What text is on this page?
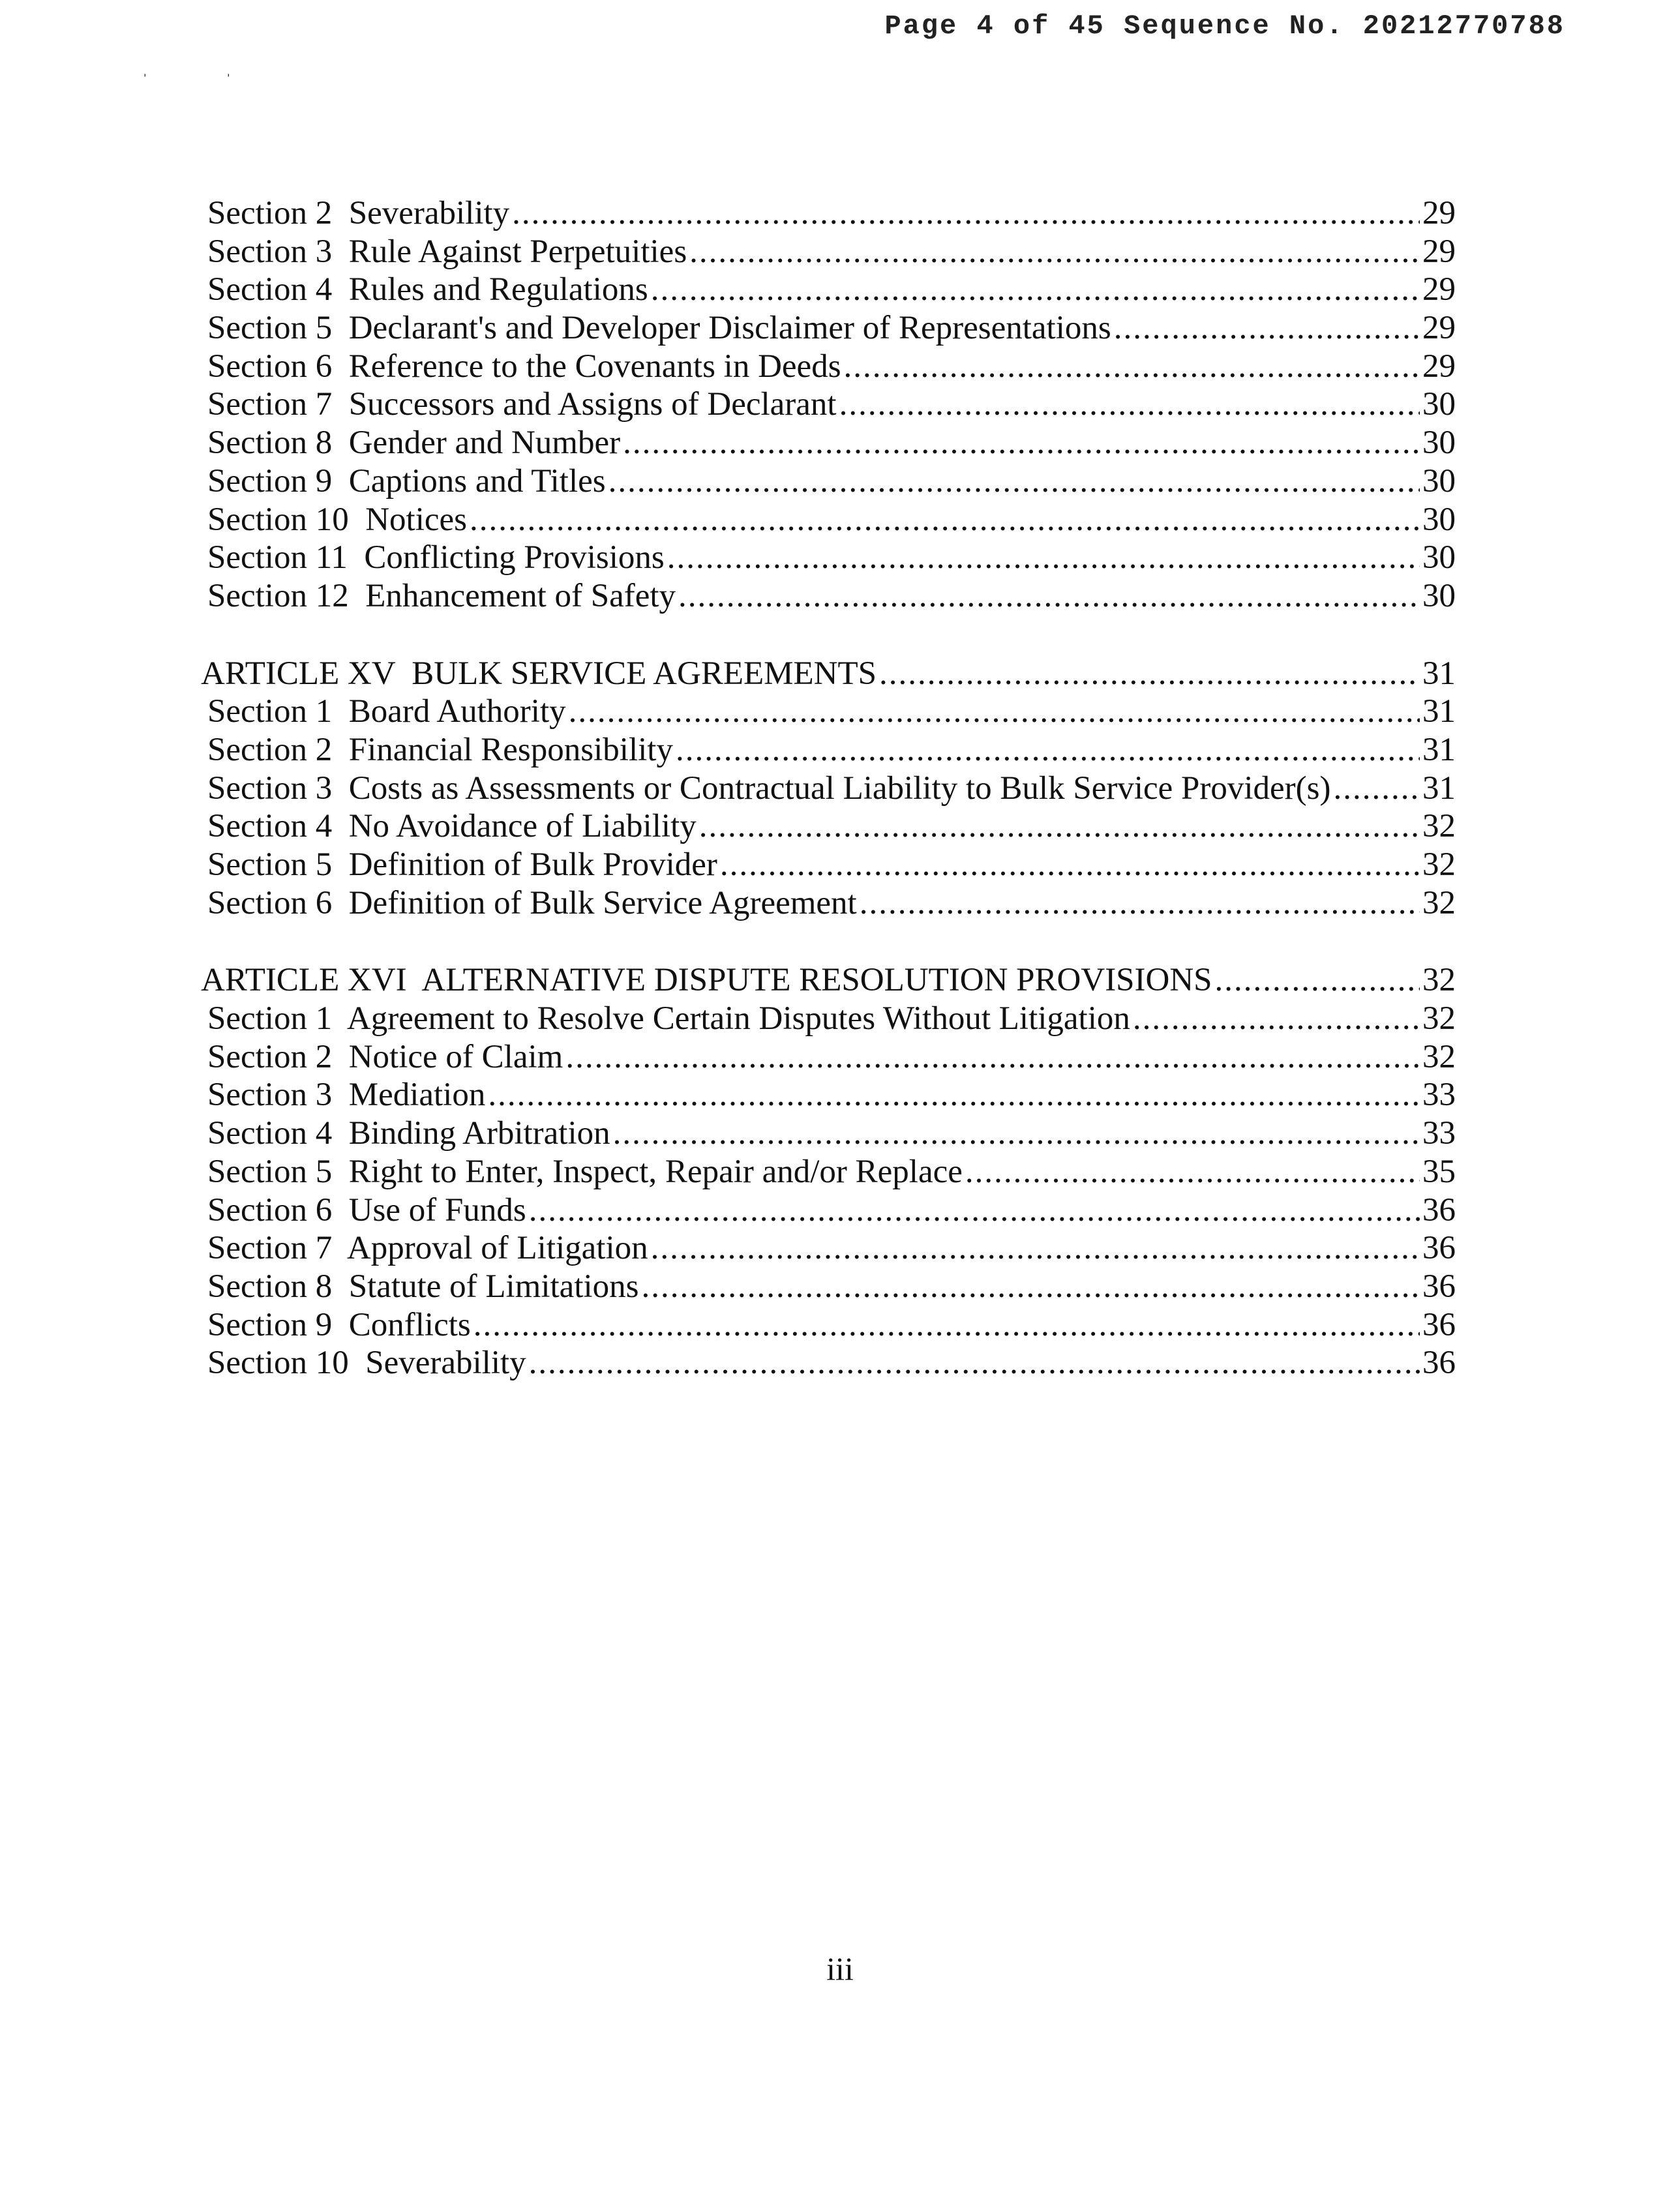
Page 4 of 45 Sequence No. 20212770788
ˈ	ˈ
Section 2  Severability .....	29
Section 3  Rule Against Perpetuities .....	29
Section 4  Rules and Regulations .....	29
Section 5  Declarant's and Developer Disclaimer of Representations .....	29
Section 6  Reference to the Covenants in Deeds .....	29
Section 7  Successors and Assigns of Declarant .....	30
Section 8  Gender and Number .....	30
Section 9  Captions and Titles .....	30
Section 10  Notices .....	30
Section 11  Conflicting Provisions .....	30
Section 12  Enhancement of Safety .....	30
ARTICLE XV  BULK SERVICE AGREEMENTS .....	31
Section 1  Board Authority .....	31
Section 2  Financial Responsibility .....	31
Section 3  Costs as Assessments or Contractual Liability to Bulk Service Provider(s) .....	31
Section 4  No Avoidance of Liability .....	32
Section 5  Definition of Bulk Provider .....	32
Section 6  Definition of Bulk Service Agreement .....	32
ARTICLE XVI  ALTERNATIVE DISPUTE RESOLUTION PROVISIONS .....	32
Section 1  Agreement to Resolve Certain Disputes Without Litigation .....	32
Section 2  Notice of Claim .....	32
Section 3  Mediation .....	33
Section 4  Binding Arbitration .....	33
Section 5  Right to Enter, Inspect, Repair and/or Replace .....	35
Section 6  Use of Funds .....	36
Section 7  Approval of Litigation .....	36
Section 8  Statute of Limitations .....	36
Section 9  Conflicts .....	36
Section 10  Severability .....	36
iii
